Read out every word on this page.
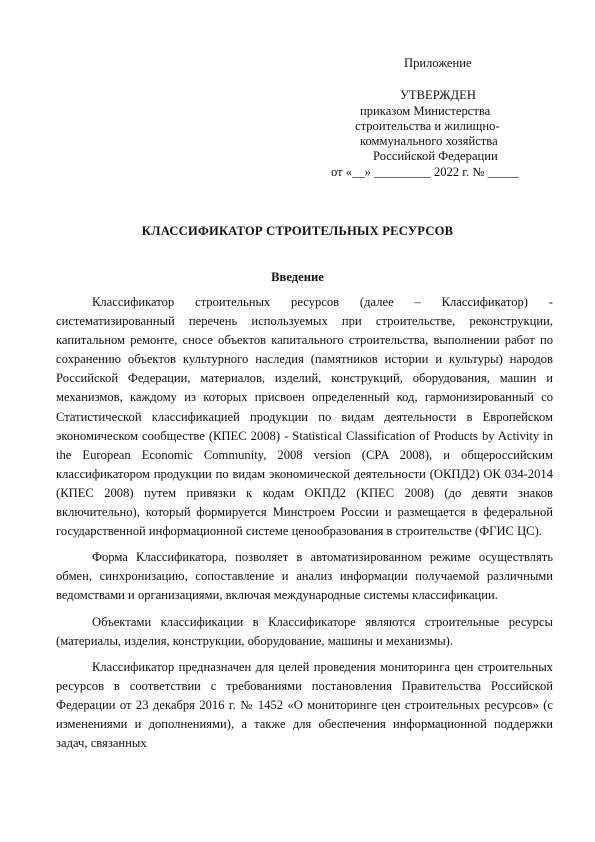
Приложение
УТВЕРЖДЕН
приказом Министерства
строительства и жилищно-
коммунального хозяйства
Российской Федерации
от «__» _________ 2022 г. № _____
КЛАССИФИКАТОР СТРОИТЕЛЬНЫХ РЕСУРСОВ
Введение

Классификатор строительных ресурсов (далее – Классификатор) - систематизированный перечень используемых при строительстве, реконструкции, капитальном ремонте, сносе объектов капитального строительства, выполнении работ по сохранению объектов культурного наследия (памятников истории и культуры) народов Российской Федерации, материалов, изделий, конструкций, оборудования, машин и механизмов, каждому из которых присвоен определенный код, гармонизированный со Статистической классификацией продукции по видам деятельности в Европейском экономическом сообществе (КПЕС 2008) - Statistical Classification of Products by Activity in the European Economic Community, 2008 version (CPA 2008), и общероссийским классификатором продукции по видам экономической деятельности (ОКПД2) ОК 034-2014 (КПЕС 2008) путем привязки к кодам ОКПД2 (КПЕС 2008) (до девяти знаков включительно), который формируется Минстроем России и размещается в федеральной государственной информационной системе ценообразования в строительстве (ФГИС ЦС).

Форма Классификатора, позволяет в автоматизированном режиме осуществлять обмен, синхронизацию, сопоставление и анализ информации получаемой различными ведомствами и организациями, включая международные системы классификации.

Объектами классификации в Классификаторе являются строительные ресурсы (материалы, изделия, конструкции, оборудование, машины и механизмы).

Классификатор предназначен для целей проведения мониторинга цен строительных ресурсов в соответствии с требованиями постановления Правительства Российской Федерации от 23 декабря 2016 г. № 1452 «О мониторинге цен строительных ресурсов» (с изменениями и дополнениями), а также для обеспечения информационной поддержки задач, связанных
